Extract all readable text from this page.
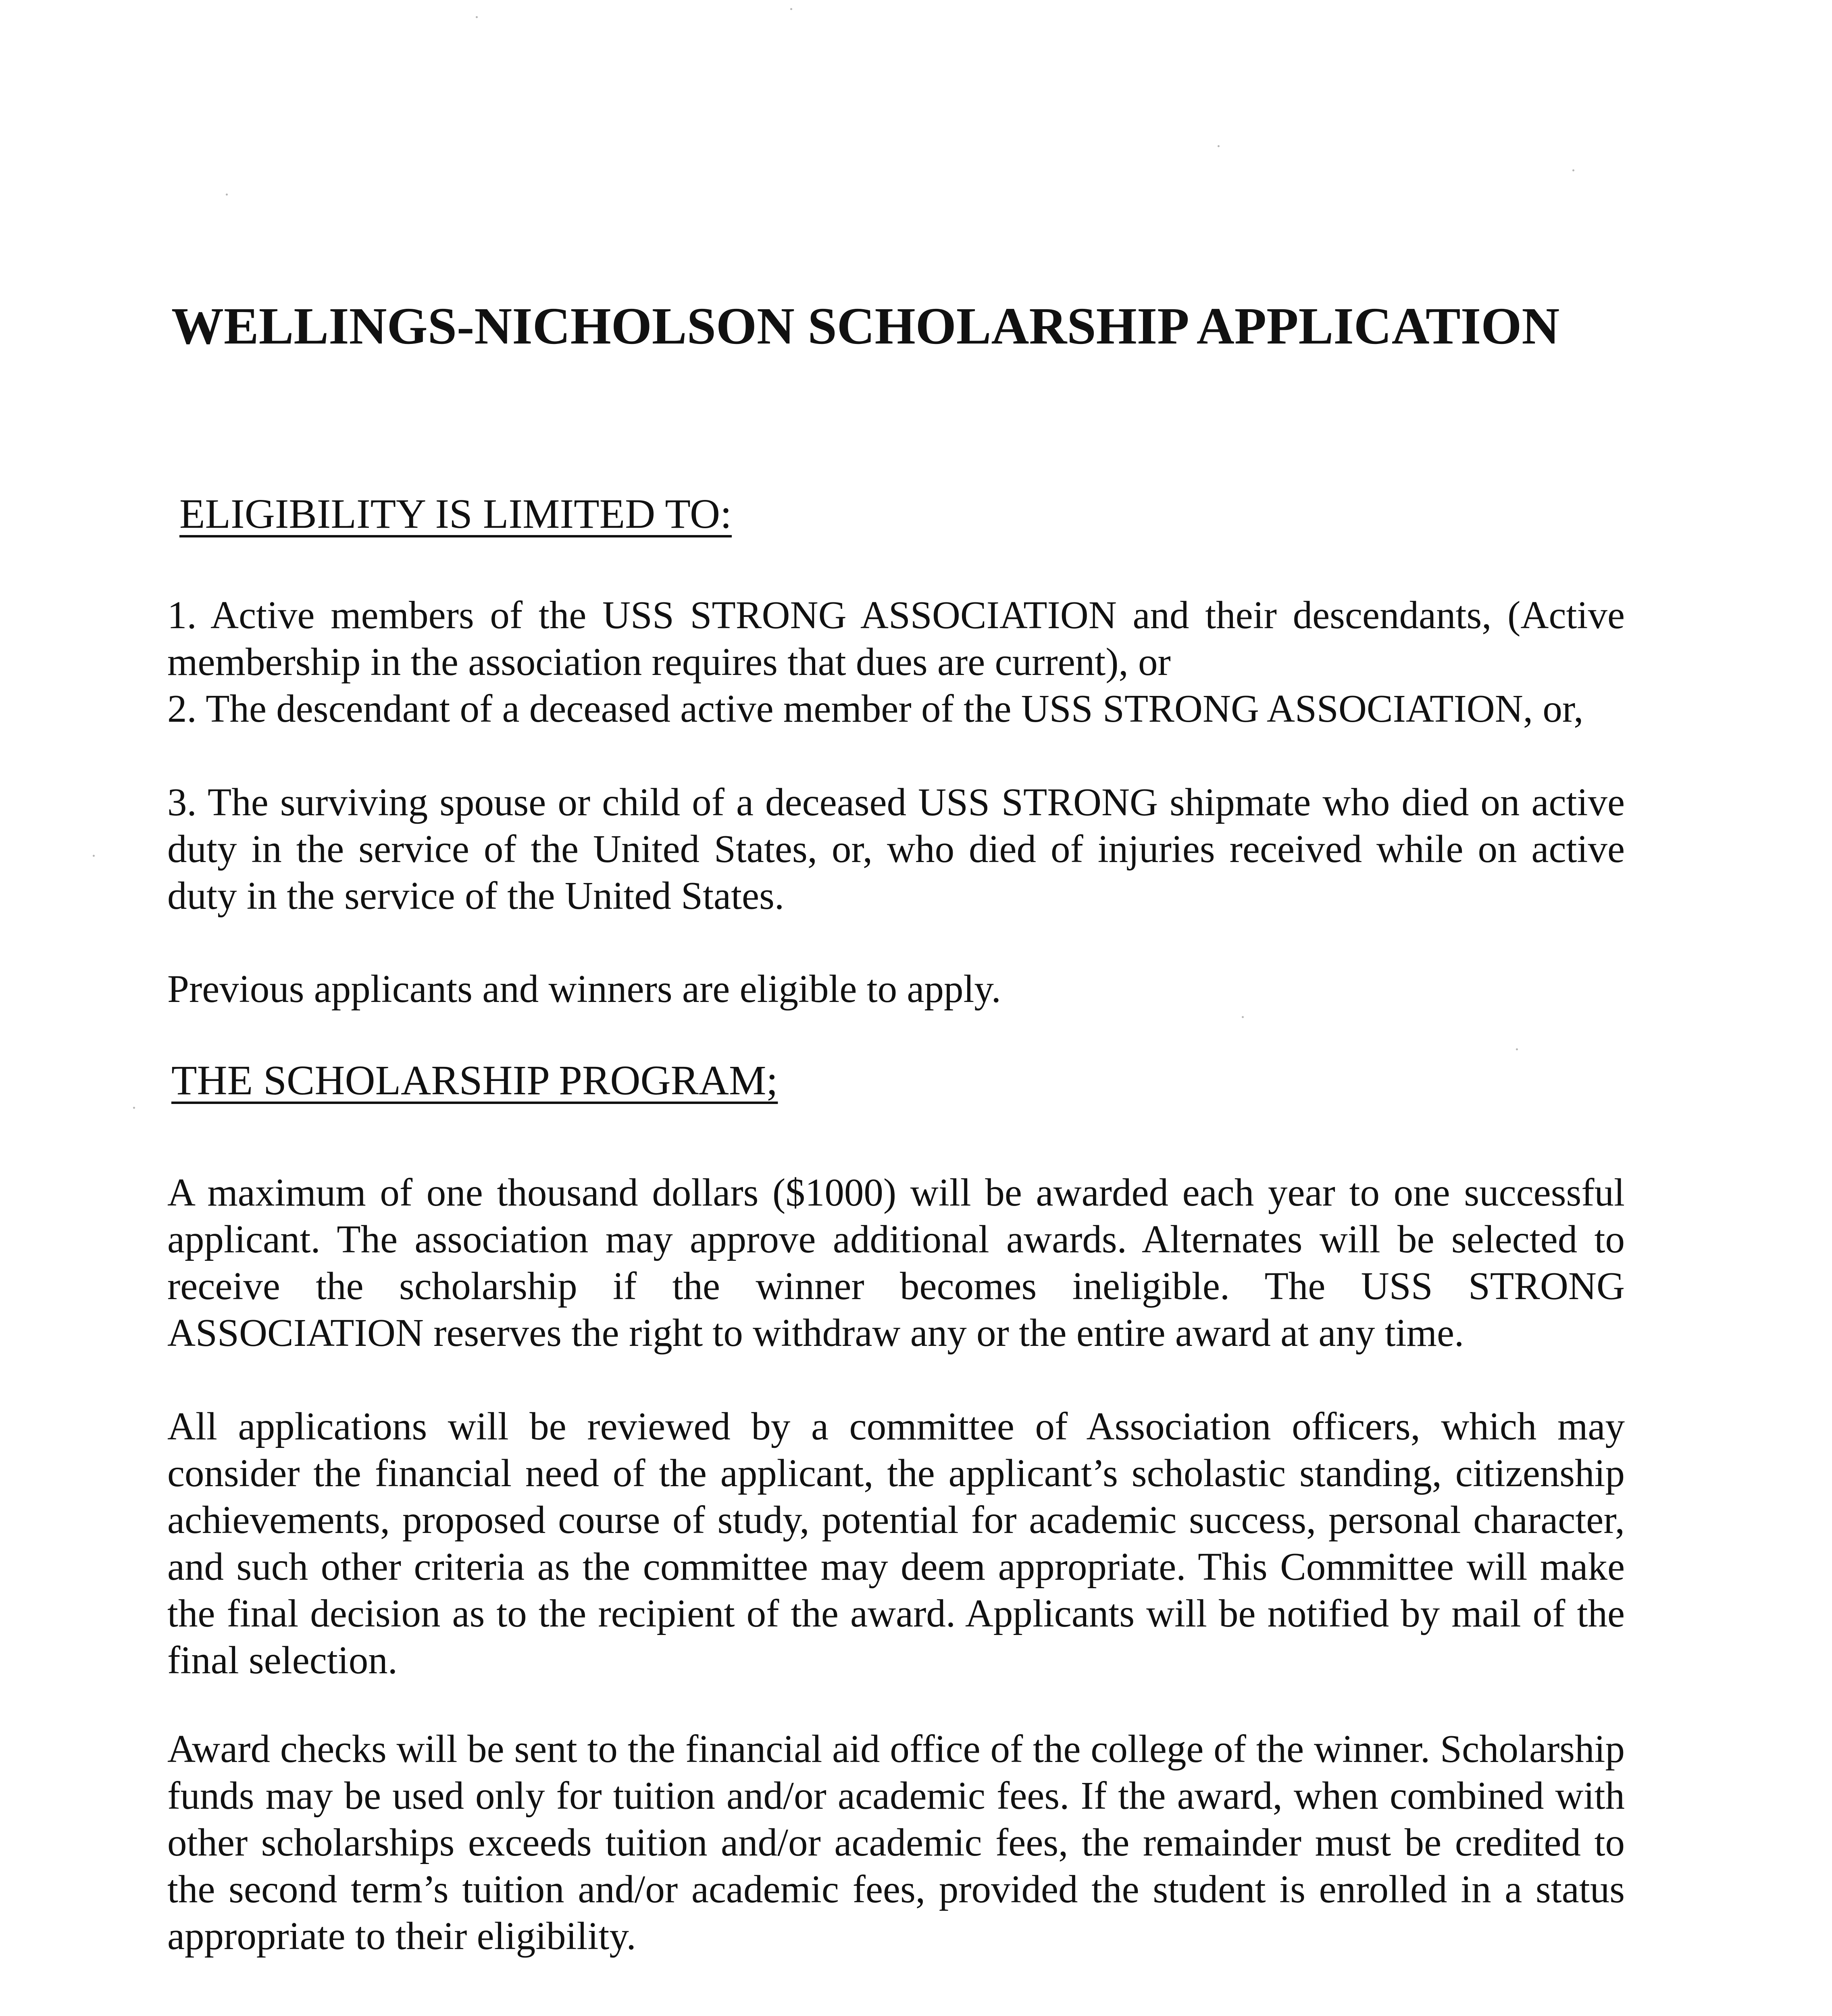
WELLINGS-NICHOLSON SCHOLARSHIP APPLICATION
ELIGIBILITY IS LIMITED TO:

1. Active members of the USS STRONG ASSOCIATION and their descendants, (Active membership in the association requires that dues are current), or

2. The descendant of a deceased active member of the USS STRONG ASSOCIATION, or,

3. The surviving spouse or child of a deceased USS STRONG shipmate who died on active duty in the service of the United States, or, who died of injuries received while on active duty in the service of the United States.

Previous applicants and winners are eligible to apply.

THE SCHOLARSHIP PROGRAM;

A maximum of one thousand dollars ($1000) will be awarded each year to one successful applicant. The association may approve additional awards. Alternates will be selected to receive the scholarship if the winner becomes ineligible. The USS STRONG ASSOCIATION reserves the right to withdraw any or the entire award at any time.

All applications will be reviewed by a committee of Association officers, which may consider the financial need of the applicant, the applicant’s scholastic standing, citizenship achievements, proposed course of study, potential for academic success, personal character, and such other criteria as the committee may deem appropriate. This Committee will make the final decision as to the recipient of the award. Applicants will be notified by mail of the final selection.

Award checks will be sent to the financial aid office of the college of the winner. Scholarship funds may be used only for tuition and/or academic fees. If the award, when combined with other scholarships exceeds tuition and/or academic fees, the remainder must be credited to the second term’s tuition and/or academic fees, provided the student is enrolled in a status appropriate to their eligibility.
